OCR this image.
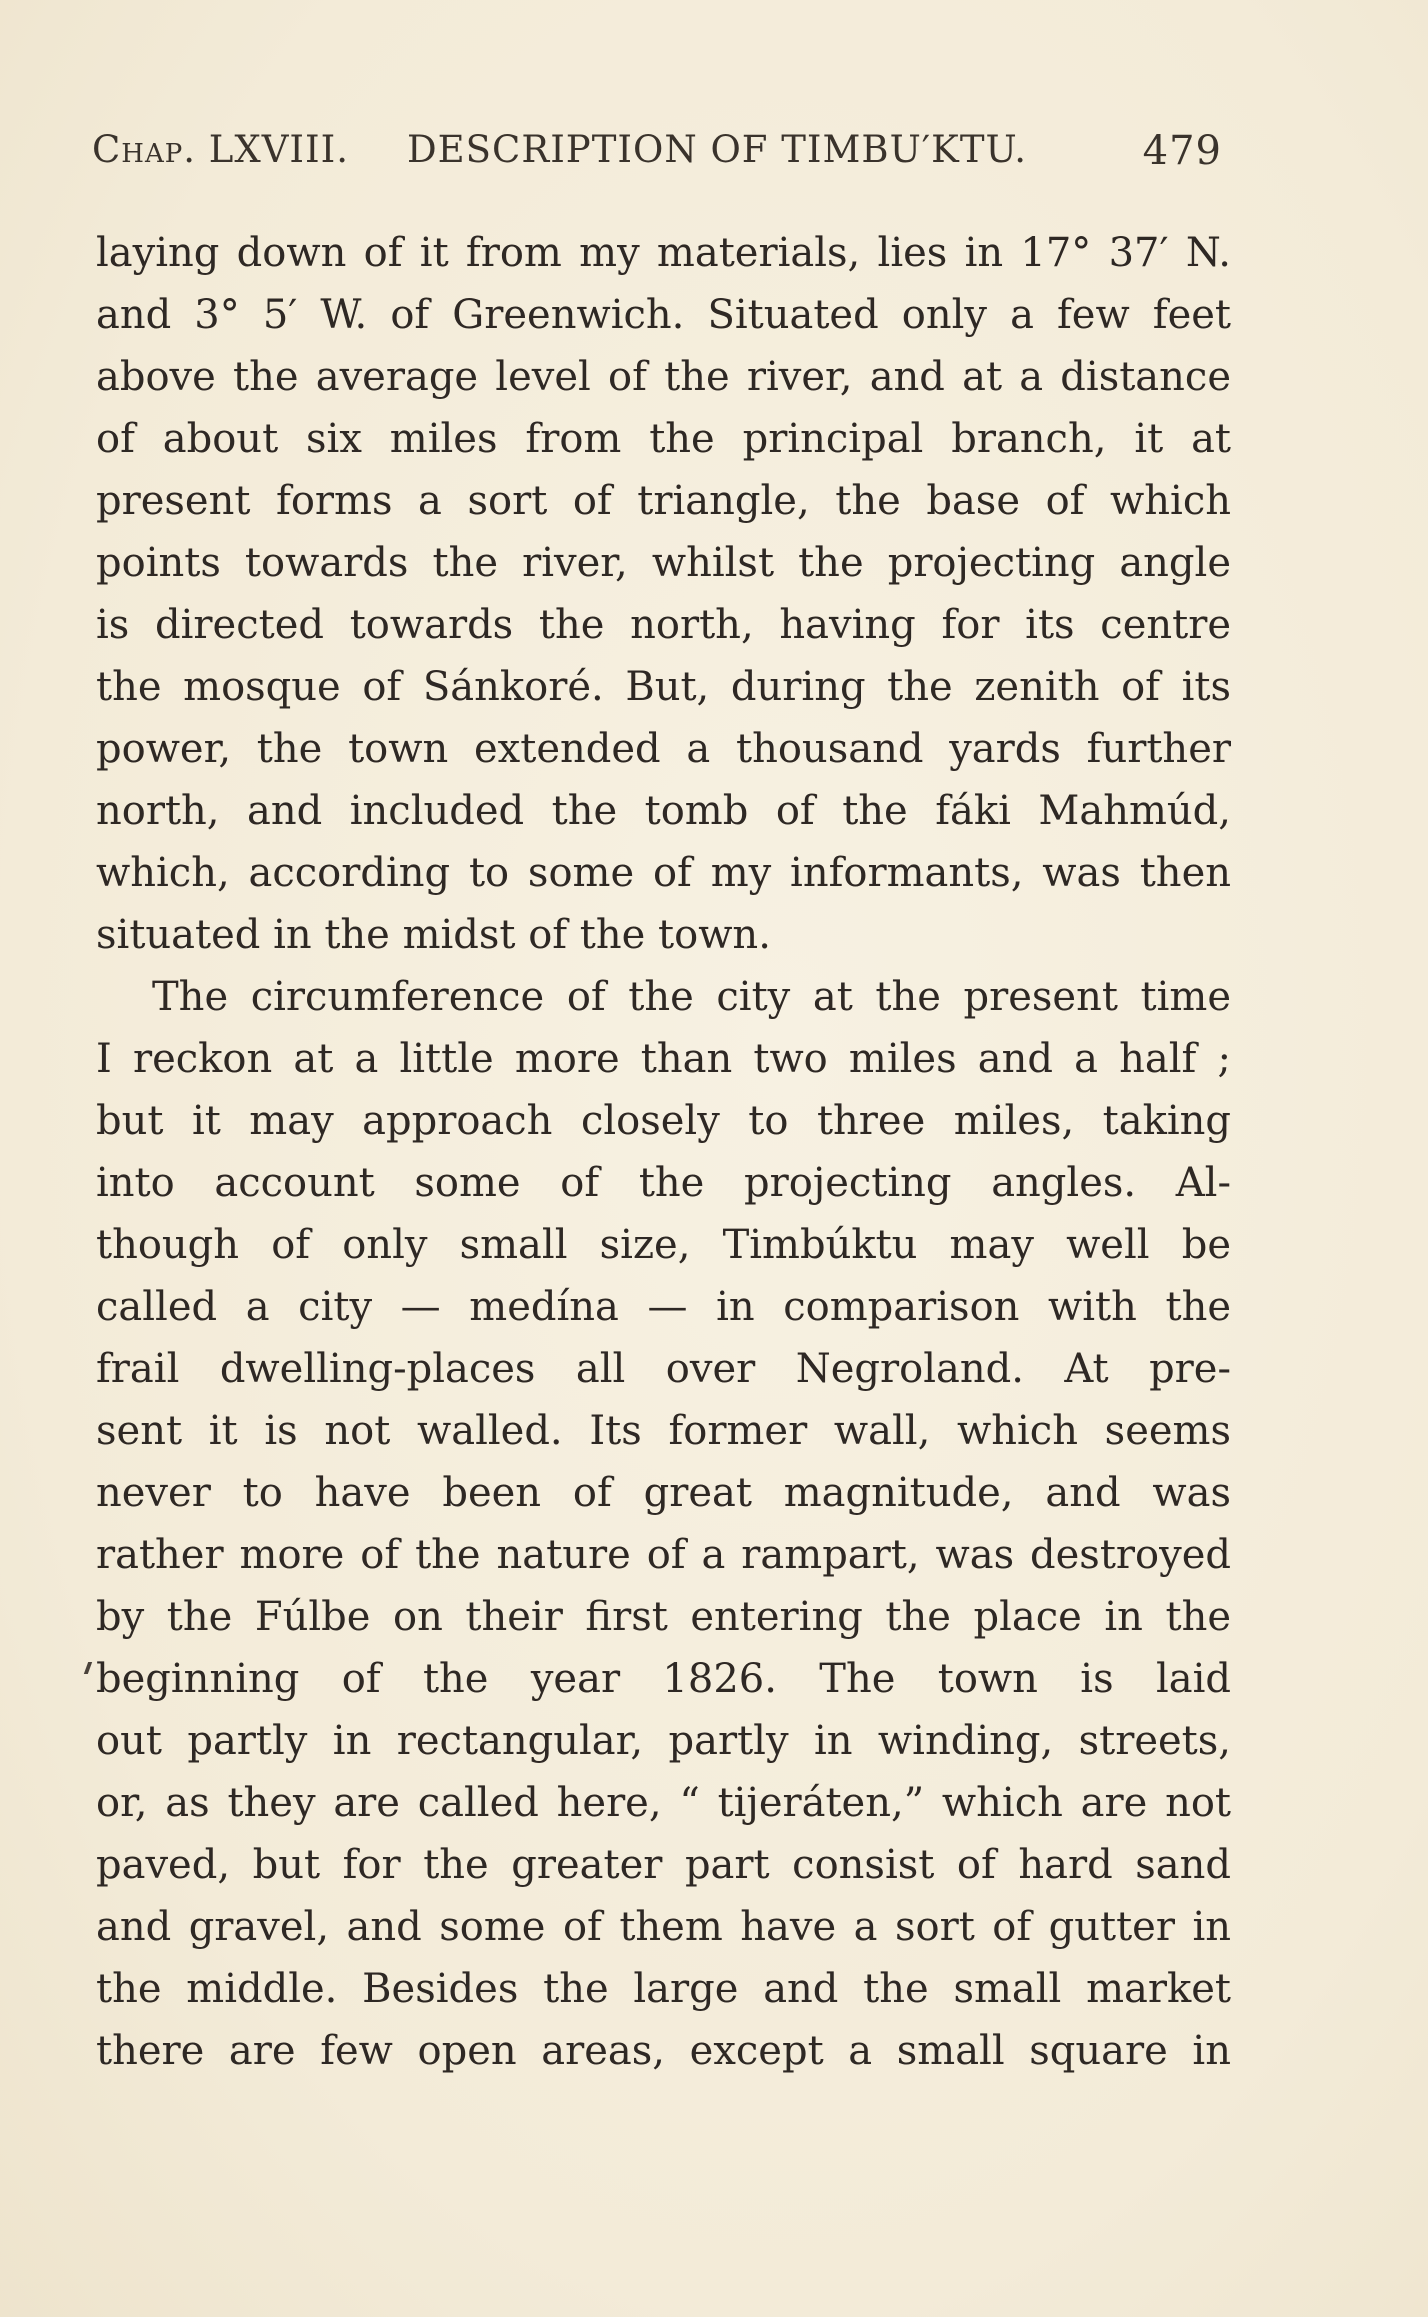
Chap. LXVIII. DESCRIPTION OF TIMBU′KTU.	479
laying down of it from my materials, lies in 17° 37′ N.
and 3° 5′ W. of Greenwich. Situated only a few feet
above the average level of the river, and at a distance
of about six miles from the principal branch, it at
present forms a sort of triangle, the base of which
points towards the river, whilst the projecting angle
is directed towards the north, having for its centre
the mosque of Sánkoré. But, during the zenith of its
power, the town extended a thousand yards further
north, and included the tomb of the fáki Mahmúd,
which, according to some of my informants, was then
situated in the midst of the town.
The circumference of the city at the present time
I reckon at a little more than two miles and a half ;
but it may approach closely to three miles, taking
into account some of the projecting angles. Al-
though of only small size, Timbúktu may well be
called a city — medína — in comparison with the
frail dwelling-places all over Negroland. At pre-
sent it is not walled. Its former wall, which seems
never to have been of great magnitude, and was
rather more of the nature of a rampart, was destroyed
by the Fúlbe on their first entering the place in the
beginning of the year 1826. The town is laid
out partly in rectangular, partly in winding, streets,
or, as they are called here, “ tijeráten,” which are not
paved, but for the greater part consist of hard sand
and gravel, and some of them have a sort of gutter in
the middle. Besides the large and the small market
there are few open areas, except a small square in
